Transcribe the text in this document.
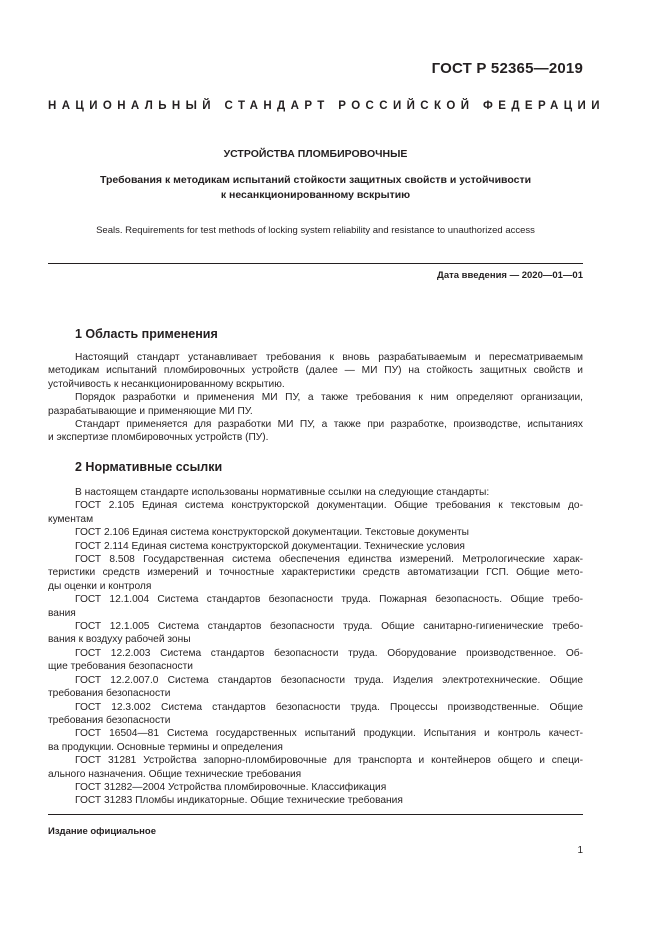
ГОСТ Р 52365—2019
НАЦИОНАЛЬНЫЙ СТАНДАРТ РОССИЙСКОЙ ФЕДЕРАЦИИ
УСТРОЙСТВА ПЛОМБИРОВОЧНЫЕ
Требования к методикам испытаний стойкости защитных свойств и устойчивости
к несанкционированному вскрытию
Seals. Requirements for test methods of locking system reliability and resistance to unauthorized access
Дата введения — 2020—01—01
1 Область применения
Настоящий стандарт устанавливает требования к вновь разрабатываемым и пересматриваемым
методикам испытаний пломбировочных устройств (далее — МИ ПУ) на стойкость защитных свойств и
устойчивость к несанкционированному вскрытию.
Порядок разработки и применения МИ ПУ, а также требования к ним определяют организации,
разрабатывающие и применяющие МИ ПУ.
Стандарт применяется для разработки МИ ПУ, а также при разработке, производстве, испытаниях
и экспертизе пломбировочных устройств (ПУ).
2 Нормативные ссылки
В настоящем стандарте использованы нормативные ссылки на следующие стандарты:
ГОСТ 2.105 Единая система конструкторской документации. Общие требования к текстовым до-
кументам
ГОСТ 2.106 Единая система конструкторской документации. Текстовые документы
ГОСТ 2.114 Единая система конструкторской документации. Технические условия
ГОСТ 8.508 Государственная система обеспечения единства измерений. Метрологические харак-
теристики средств измерений и точностные характеристики средств автоматизации ГСП. Общие мето-
ды оценки и контроля
ГОСТ 12.1.004 Система стандартов безопасности труда. Пожарная безопасность. Общие требо-
вания
ГОСТ 12.1.005 Система стандартов безопасности труда. Общие санитарно-гигиенические требо-
вания к воздуху рабочей зоны
ГОСТ 12.2.003 Система стандартов безопасности труда. Оборудование производственное. Об-
щие требования безопасности
ГОСТ 12.2.007.0 Система стандартов безопасности труда. Изделия электротехнические. Общие
требования безопасности
ГОСТ 12.3.002 Система стандартов безопасности труда. Процессы производственные. Общие
требования безопасности
ГОСТ 16504—81 Система государственных испытаний продукции. Испытания и контроль качест-
ва продукции. Основные термины и определения
ГОСТ 31281 Устройства запорно-пломбировочные для транспорта и контейнеров общего и специ-
ального назначения. Общие технические требования
ГОСТ 31282—2004 Устройства пломбировочные. Классификация
ГОСТ 31283 Пломбы индикаторные. Общие технические требования
Издание официальное
1
